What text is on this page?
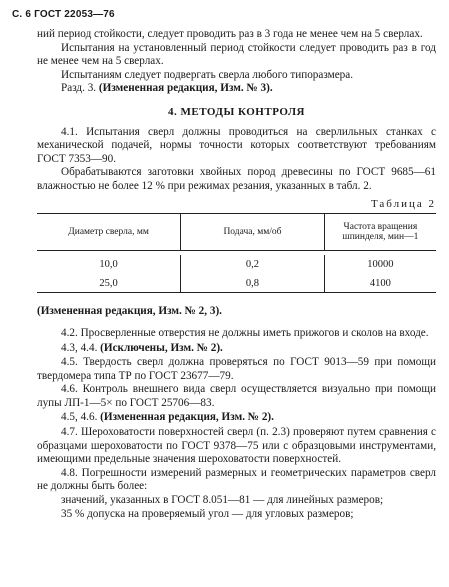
С. 6 ГОСТ 22053—76

ний период стойкости, следует проводить раз в 3 года не менее чем на 5 сверлах.

Испытания на установленный период стойкости следует проводить раз в год не менее чем на 5 сверлах.

Испытаниям следует подвергать сверла любого типоразмера.

Разд. 3. (Измененная редакция, Изм. № 3).

4. МЕТОДЫ КОНТРОЛЯ

4.1. Испытания сверл должны проводиться на сверлильных станках с механической подачей, нормы точности которых соответствуют требованиям ГОСТ 7353—90.

Обрабатываются заготовки хвойных пород древесины по ГОСТ 9685—61 влажностью не более 12 % при режимах резания, указанных в табл. 2.

Таблица 2
Диаметр сверла, мм	Подача, мм/об	Частота вращения шпинделя, мин—1

10,0	0,2	10000
25,0	0,8	4100

(Измененная редакция, Изм. № 2, 3).

4.2. Просверленные отверстия не должны иметь прижогов и сколов на входе.

4.3, 4.4. (Исключены, Изм. № 2).

4.5. Твердость сверл должна проверяться по ГОСТ 9013—59 при помощи твердомера типа ТР по ГОСТ 23677—79.

4.6. Контроль внешнего вида сверл осуществляется визуально при помощи лупы ЛП-1—5× по ГОСТ 25706—83.

4.5, 4.6. (Измененная редакция, Изм. № 2).

4.7. Шероховатости поверхностей сверл (п. 2.3) проверяют путем сравнения с образцами шероховатости по ГОСТ 9378—75 или с образцовыми инструментами, имеющими предельные значения шероховатости поверхностей.

4.8. Погрешности измерений размерных и геометрических параметров сверл не должны быть более:

значений, указанных в ГОСТ 8.051—81 — для линейных размеров;

35 % допуска на проверяемый угол — для угловых размеров;
